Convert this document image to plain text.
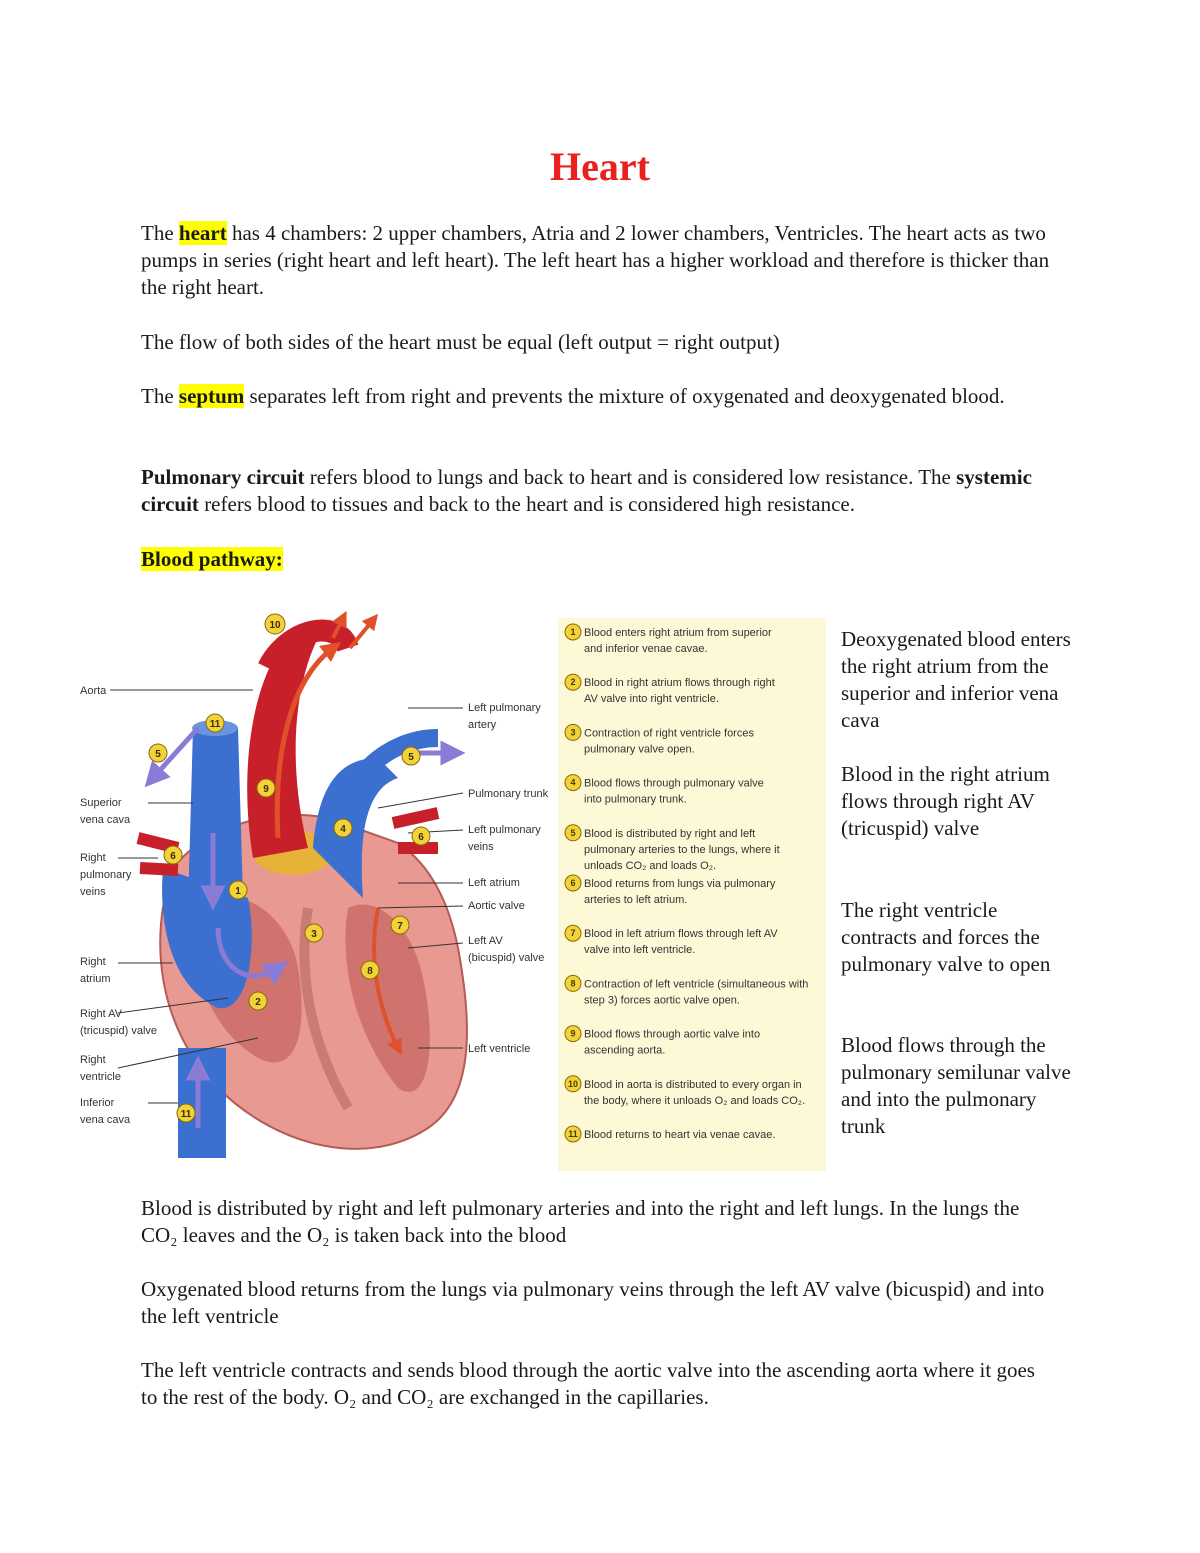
Heart

The heart has 4 chambers: 2 upper chambers, Atria and 2 lower chambers, Ventricles. The heart acts as two pumps in series (right heart and left heart). The left heart has a higher workload and therefore is thicker than the right heart.

The flow of both sides of the heart must be equal (left output = right output)

The septum separates left from right and prevents the mixture of oxygenated and deoxygenated blood.

Pulmonary circuit refers blood to lungs and back to heart and is considered low resistance. The systemic circuit refers blood to tissues and back to the heart and is considered high resistance.

Blood pathway:

Aorta
Superior
vena cava
Right
pulmonary
veins
Right
atrium
Right AV
(tricuspid) valve
Right
ventricle
Inferior
vena cava
Left pulmonary
artery
Pulmonary trunk
Left pulmonary
veins
Left atrium
Aortic valve
Left AV
(bicuspid) valve
Left ventricle
10
11
5
9
4
5
6
6
1
3
7
8
2
11
1 Blood enters right atrium from superior
and inferior venae cavae.
2 Blood in right atrium flows through right
AV valve into right ventricle.
3 Contraction of right ventricle forces
pulmonary valve open.
4 Blood flows through pulmonary valve
into pulmonary trunk.
5 Blood is distributed by right and left
pulmonary arteries to the lungs, where it
unloads CO₂ and loads O₂.
6 Blood returns from lungs via pulmonary
arteries to left atrium.
7 Blood in left atrium flows through left AV
valve into left ventricle.
8 Contraction of left ventricle (simultaneous with
step 3) forces aortic valve open.
9 Blood flows through aortic valve into
ascending aorta.
10 Blood in aorta is distributed to every organ in
the body, where it unloads O₂ and loads CO₂.
11 Blood returns to heart via venae cavae.

Deoxygenated blood enters the right atrium from the superior and inferior vena cava

Blood in the right atrium flows through right AV (tricuspid) valve

The right ventricle contracts and forces the pulmonary valve to open

Blood flows through the pulmonary semilunar valve and into the pulmonary trunk

Blood is distributed by right and left pulmonary arteries and into the right and left lungs. In the lungs the CO₂ leaves and the O₂ is taken back into the blood

Oxygenated blood returns from the lungs via pulmonary veins through the left AV valve (bicuspid) and into the left ventricle

The left ventricle contracts and sends blood through the aortic valve into the ascending aorta where it goes to the rest of the body. O₂ and CO₂ are exchanged in the capillaries.
